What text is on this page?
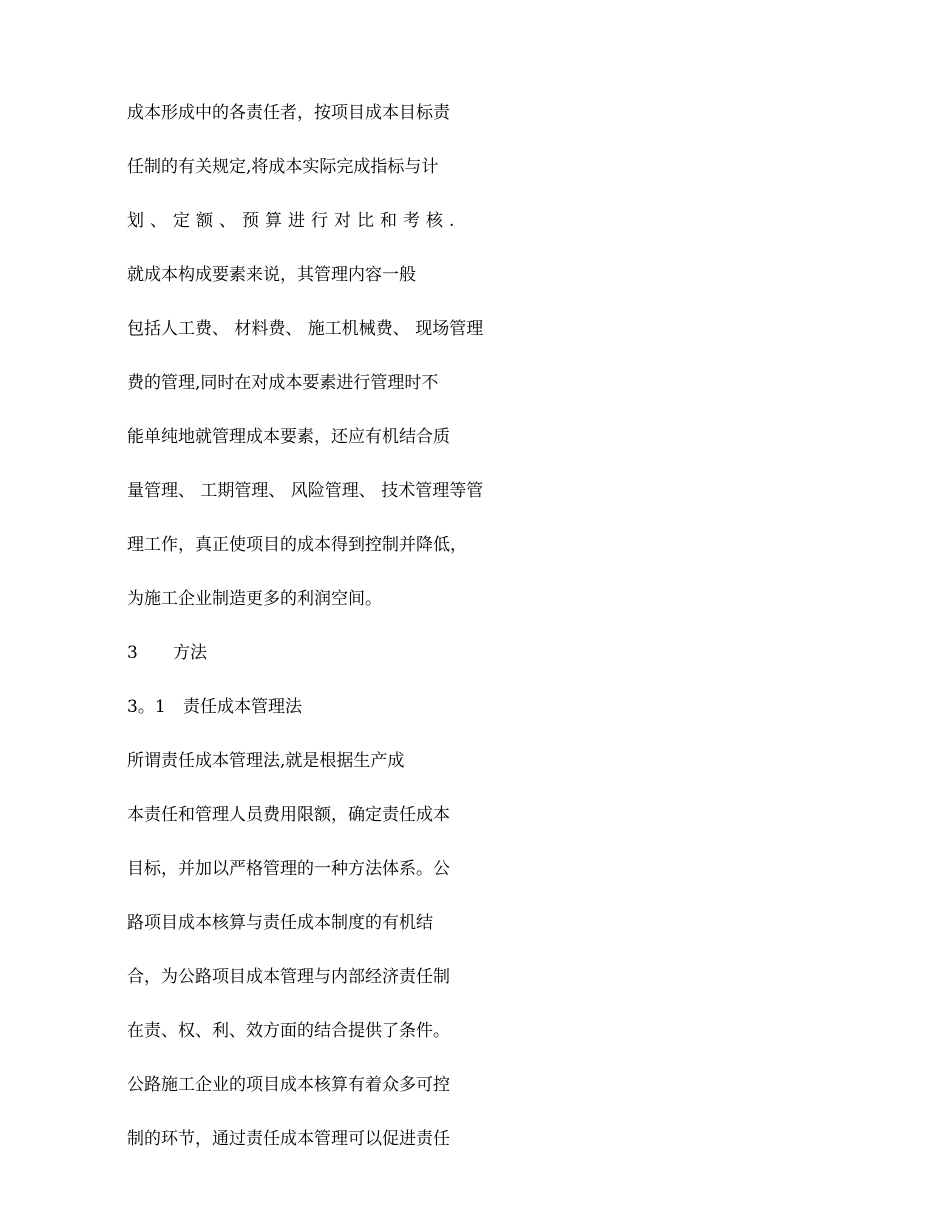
成本形成中的各责任者，按项目成本目标责
任制的有关规定,将成本实际完成指标与计
划、定额、预算进行对比和考核.
就成本构成要素来说，其管理内容一般
包括人工费、 材料费、 施工机械费、 现场管理
费的管理,同时在对成本要素进行管理时不
能单纯地就管理成本要素，还应有机结合质
量管理、 工期管理、 风险管理、 技术管理等管
理工作，真正使项目的成本得到控制并降低，
为施工企业制造更多的利润空间。
3 方法
3。1 责任成本管理法
所谓责任成本管理法,就是根据生产成
本责任和管理人员费用限额，确定责任成本
目标，并加以严格管理的一种方法体系。公
路项目成本核算与责任成本制度的有机结
合，为公路项目成本管理与内部经济责任制
在责、权、利、效方面的结合提供了条件。
公路施工企业的项目成本核算有着众多可控
制的环节，通过责任成本管理可以促进责任
